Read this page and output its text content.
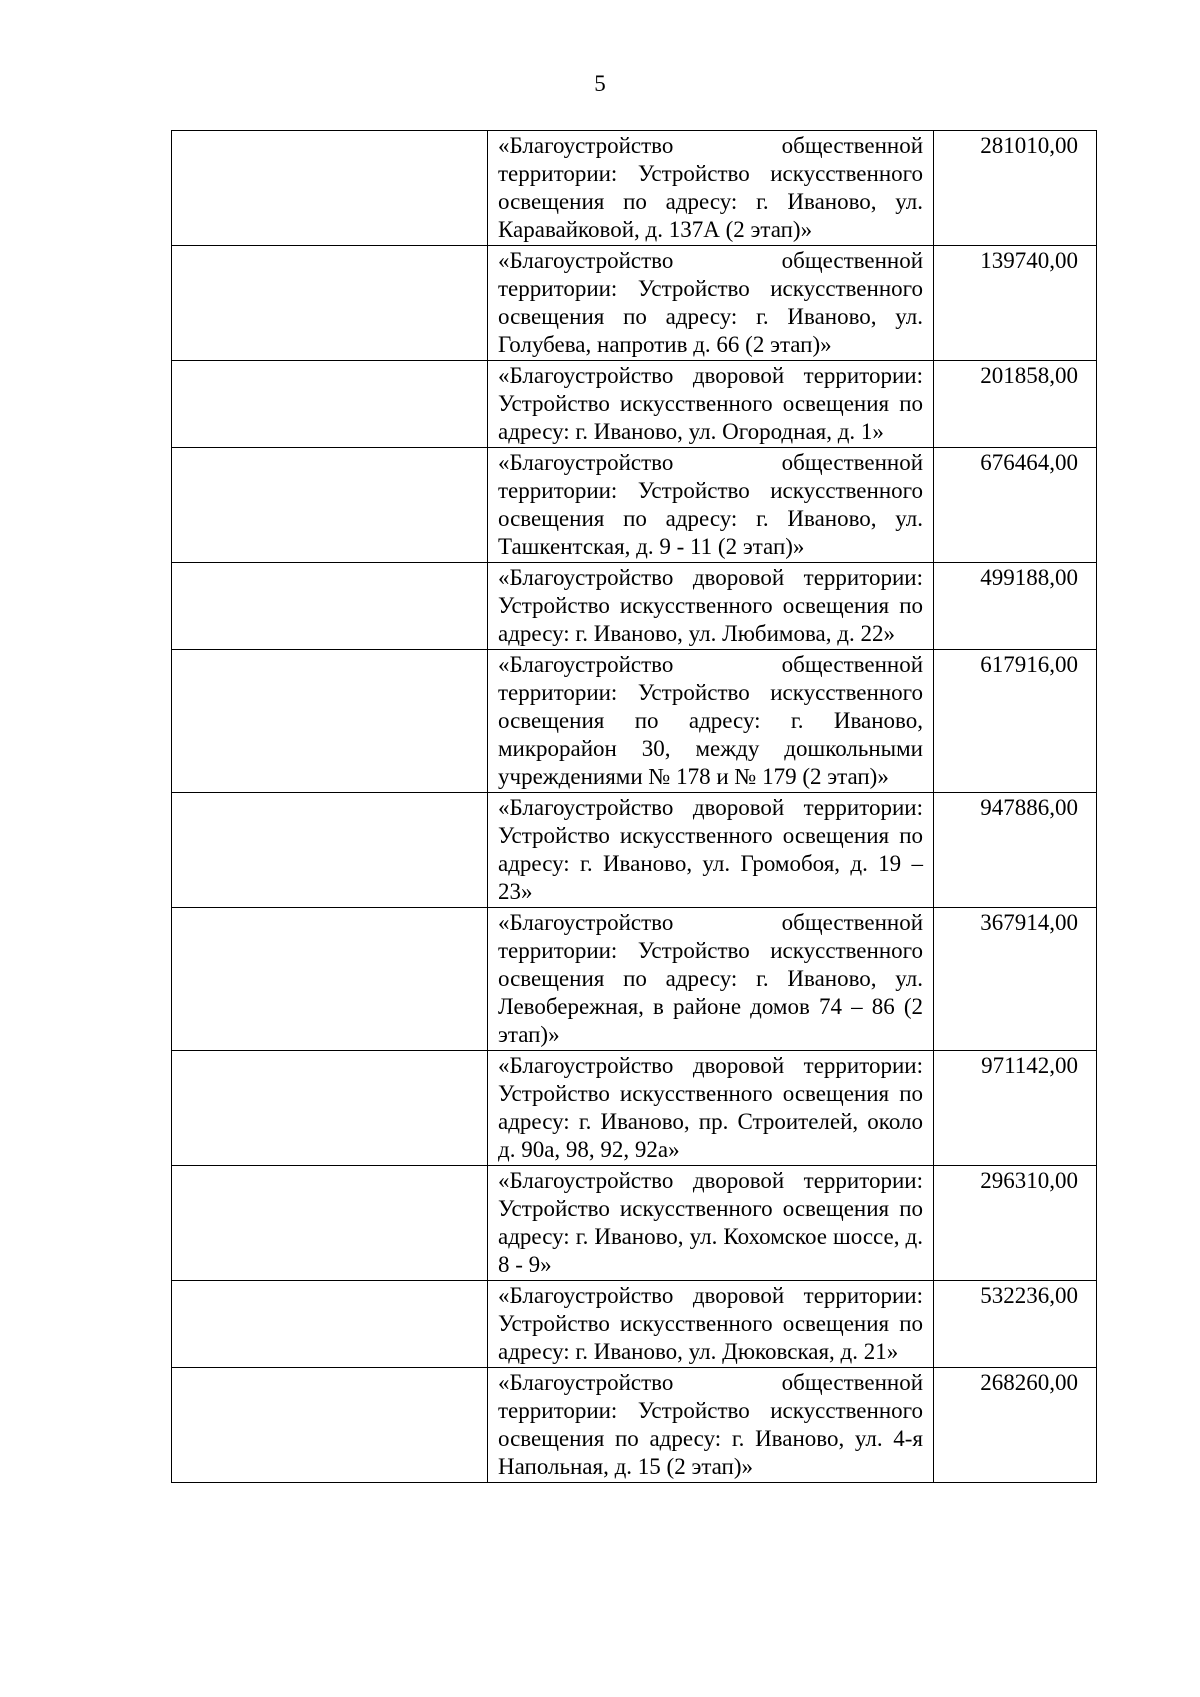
5
	«Благоустройство общественной территории: Устройство искусственного освещения по адресу: г. Иваново, ул. Каравайковой, д. 137А (2 этап)»	281010,00
	«Благоустройство общественной территории: Устройство искусственного освещения по адресу: г. Иваново, ул. Голубева, напротив д. 66 (2 этап)»	139740,00
	«Благоустройство дворовой территории: Устройство искусственного освещения по адресу: г. Иваново, ул. Огородная, д. 1»	201858,00
	«Благоустройство общественной территории: Устройство искусственного освещения по адресу: г. Иваново, ул. Ташкентская, д. 9 - 11 (2 этап)»	676464,00
	«Благоустройство дворовой территории: Устройство искусственного освещения по адресу: г. Иваново, ул. Любимова, д. 22»	499188,00
	«Благоустройство общественной территории: Устройство искусственного освещения по адресу: г. Иваново, микрорайон 30, между дошкольными учреждениями № 178 и № 179 (2 этап)»	617916,00
	«Благоустройство дворовой территории: Устройство искусственного освещения по адресу: г. Иваново, ул. Громобоя, д. 19 – 23»	947886,00
	«Благоустройство общественной территории: Устройство искусственного освещения по адресу: г. Иваново, ул. Левобережная, в районе домов 74 – 86 (2 этап)»	367914,00
	«Благоустройство дворовой территории: Устройство искусственного освещения по адресу: г. Иваново, пр. Строителей, около д. 90а, 98, 92, 92а»	971142,00
	«Благоустройство дворовой территории: Устройство искусственного освещения по адресу: г. Иваново, ул. Кохомское шоссе, д. 8 - 9»	296310,00
	«Благоустройство дворовой территории: Устройство искусственного освещения по адресу: г. Иваново, ул. Дюковская, д. 21»	532236,00
	«Благоустройство общественной территории: Устройство искусственного освещения по адресу: г. Иваново, ул. 4-я Напольная, д. 15 (2 этап)»	268260,00
